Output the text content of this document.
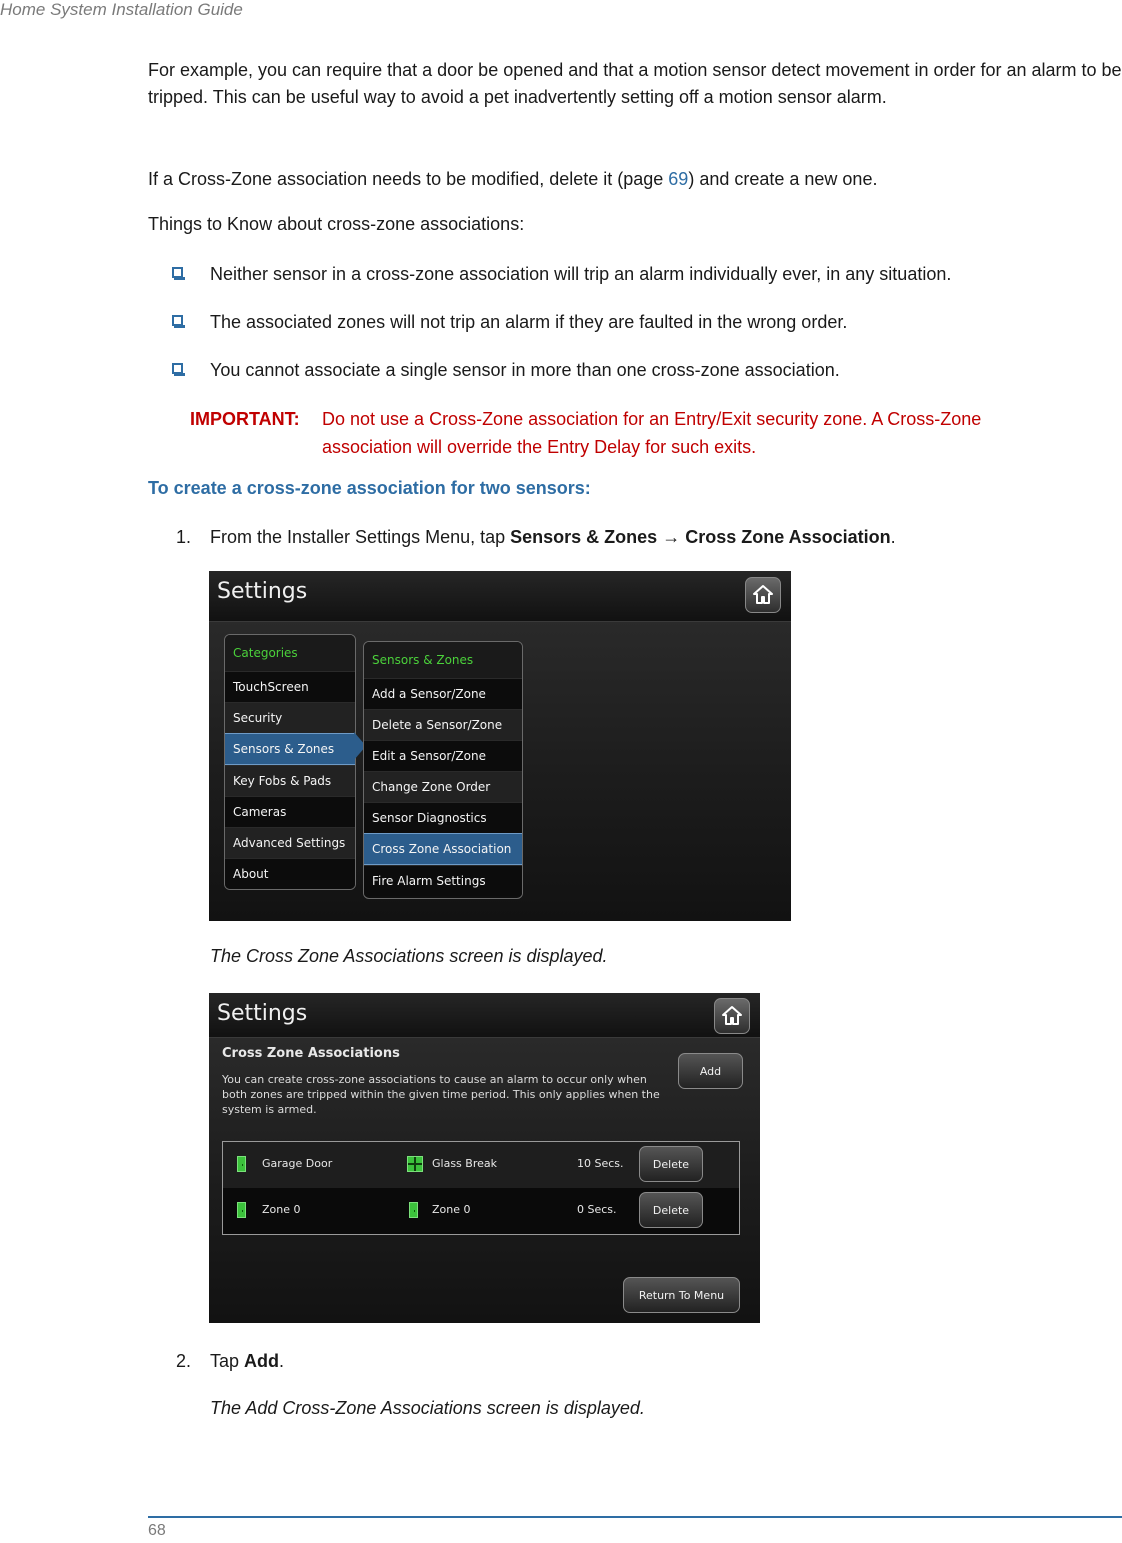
Home System Installation Guide
For example, you can require that a door be opened and that a motion sensor detect movement in order for an alarm to be tripped. This can be useful way to avoid a pet inadvertently setting off a motion sensor alarm.
If a Cross-Zone association needs to be modified, delete it (page 69) and create a new one.
Things to Know about cross-zone associations:
Neither sensor in a cross-zone association will trip an alarm individually ever, in any situation.
The associated zones will not trip an alarm if they are faulted in the wrong order.
You cannot associate a single sensor in more than one cross-zone association.
IMPORTANT: Do not use a Cross-Zone association for an Entry/Exit security zone. A Cross-Zone
association will override the Entry Delay for such exits.
To create a cross-zone association for two sensors:
1. From the Installer Settings Menu, tap Sensors & Zones → Cross Zone Association.
Settings
Categories
TouchScreen
Security
Sensors & Zones
Key Fobs & Pads
Cameras
Advanced Settings
About
Sensors & Zones
Add a Sensor/Zone
Delete a Sensor/Zone
Edit a Sensor/Zone
Change Zone Order
Sensor Diagnostics
Cross Zone Association
Fire Alarm Settings
The Cross Zone Associations screen is displayed.
Settings
Cross Zone Associations
You can create cross-zone associations to cause an alarm to occur only when both zones are tripped within the given time period. This only applies when the system is armed.
Add
Garage Door	Glass Break	10 Secs.	Delete
Zone 0	Zone 0	0 Secs.	Delete
Return To Menu
2. Tap Add.
The Add Cross-Zone Associations screen is displayed.
68
